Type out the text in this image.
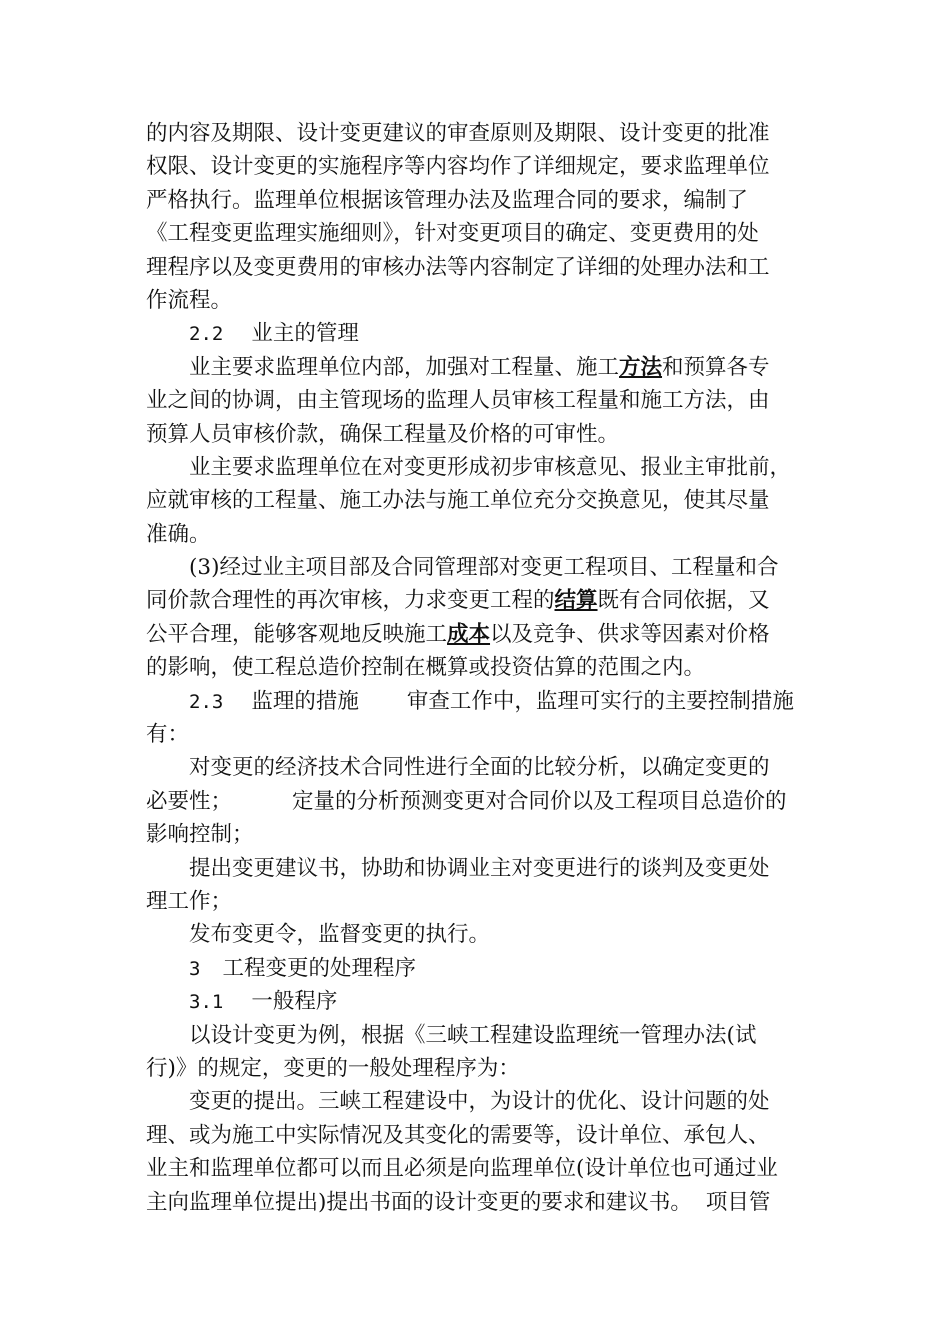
的内容及期限、设计变更建议的审查原则及期限、设计变更的批准
权限、设计变更的实施程序等内容均作了详细规定，要求监理单位
严格执行。监理单位根据该管理办法及监理合同的要求，编制了
《工程变更监理实施细则》，针对变更项目的确定、变更费用的处
理程序以及变更费用的审核办法等内容制定了详细的处理办法和工
作流程。
2.2 业主的管理
业主要求监理单位内部，加强对工程量、施工方法和预算各专
业之间的协调，由主管现场的监理人员审核工程量和施工方法，由
预算人员审核价款，确保工程量及价格的可审性。
业主要求监理单位在对变更形成初步审核意见、报业主审批前，
应就审核的工程量、施工办法与施工单位充分交换意见，使其尽量
准确。
(3)经过业主项目部及合同管理部对变更工程项目、工程量和合
同价款合理性的再次审核，力求变更工程的结算既有合同依据，又
公平合理，能够客观地反映施工成本以及竞争、供求等因素对价格
的影响，使工程总造价控制在概算或投资估算的范围之内。
2.3 监理的措施 审查工作中，监理可实行的主要控制措施
有：
对变更的经济技术合同性进行全面的比较分析，以确定变更的
必要性；	定量的分析预测变更对合同价以及工程项目总造价的
影响控制；
提出变更建议书，协助和协调业主对变更进行的谈判及变更处
理工作；
发布变更令，监督变更的执行。
3 工程变更的处理程序
3.1 一般程序
以设计变更为例，根据《三峡工程建设监理统一管理办法(试
行)》的规定，变更的一般处理程序为：
变更的提出。三峡工程建设中，为设计的优化、设计问题的处
理、或为施工中实际情况及其变化的需要等，设计单位、承包人、
业主和监理单位都可以而且必须是向监理单位(设计单位也可通过业
主向监理单位提出)提出书面的设计变更的要求和建议书。 项目管
